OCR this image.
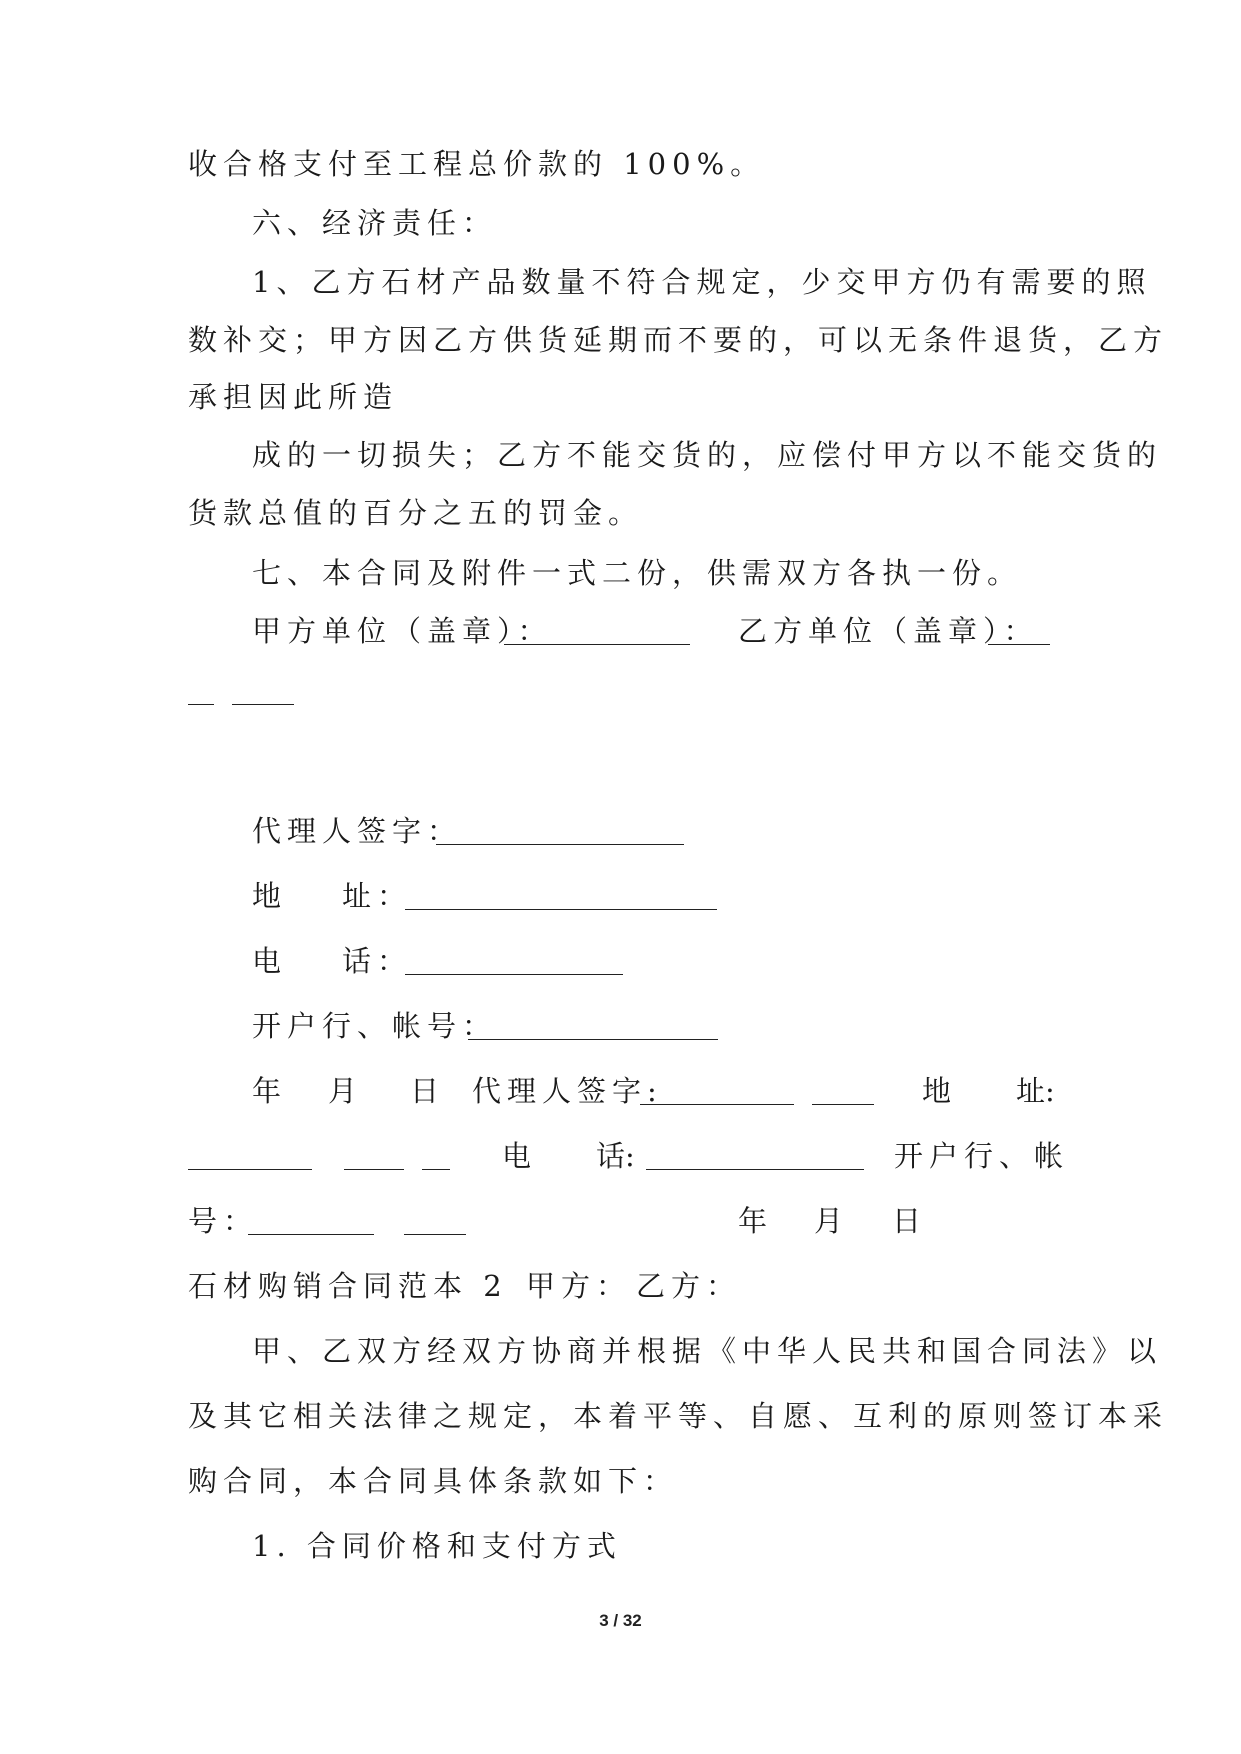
收合格支付至工程总价款的 100%。
六、经济责任：
1、乙方石材产品数量不符合规定，少交甲方仍有需要的照
数补交；甲方因乙方供货延期而不要的，可以无条件退货，乙方
承担因此所造
成的一切损失；乙方不能交货的，应偿付甲方以不能交货的
货款总值的百分之五的罚金。
七、本合同及附件一式二份，供需双方各执一份。
甲方单位（盖章）：	乙方单位（盖章）：
代理人签字：
地 址：
电 话：
开户行、帐号：
年 月 日 代理人签字:	地 址:
电 话:	开户行、帐
号：	年 月 日
石材购销合同范本 2 甲方： 乙方：
甲、乙双方经双方协商并根据《中华人民共和国合同法》以
及其它相关法律之规定，本着平等、自愿、互利的原则签订本采
购合同，本合同具体条款如下：
1. 合同价格和支付方式
3 / 32
